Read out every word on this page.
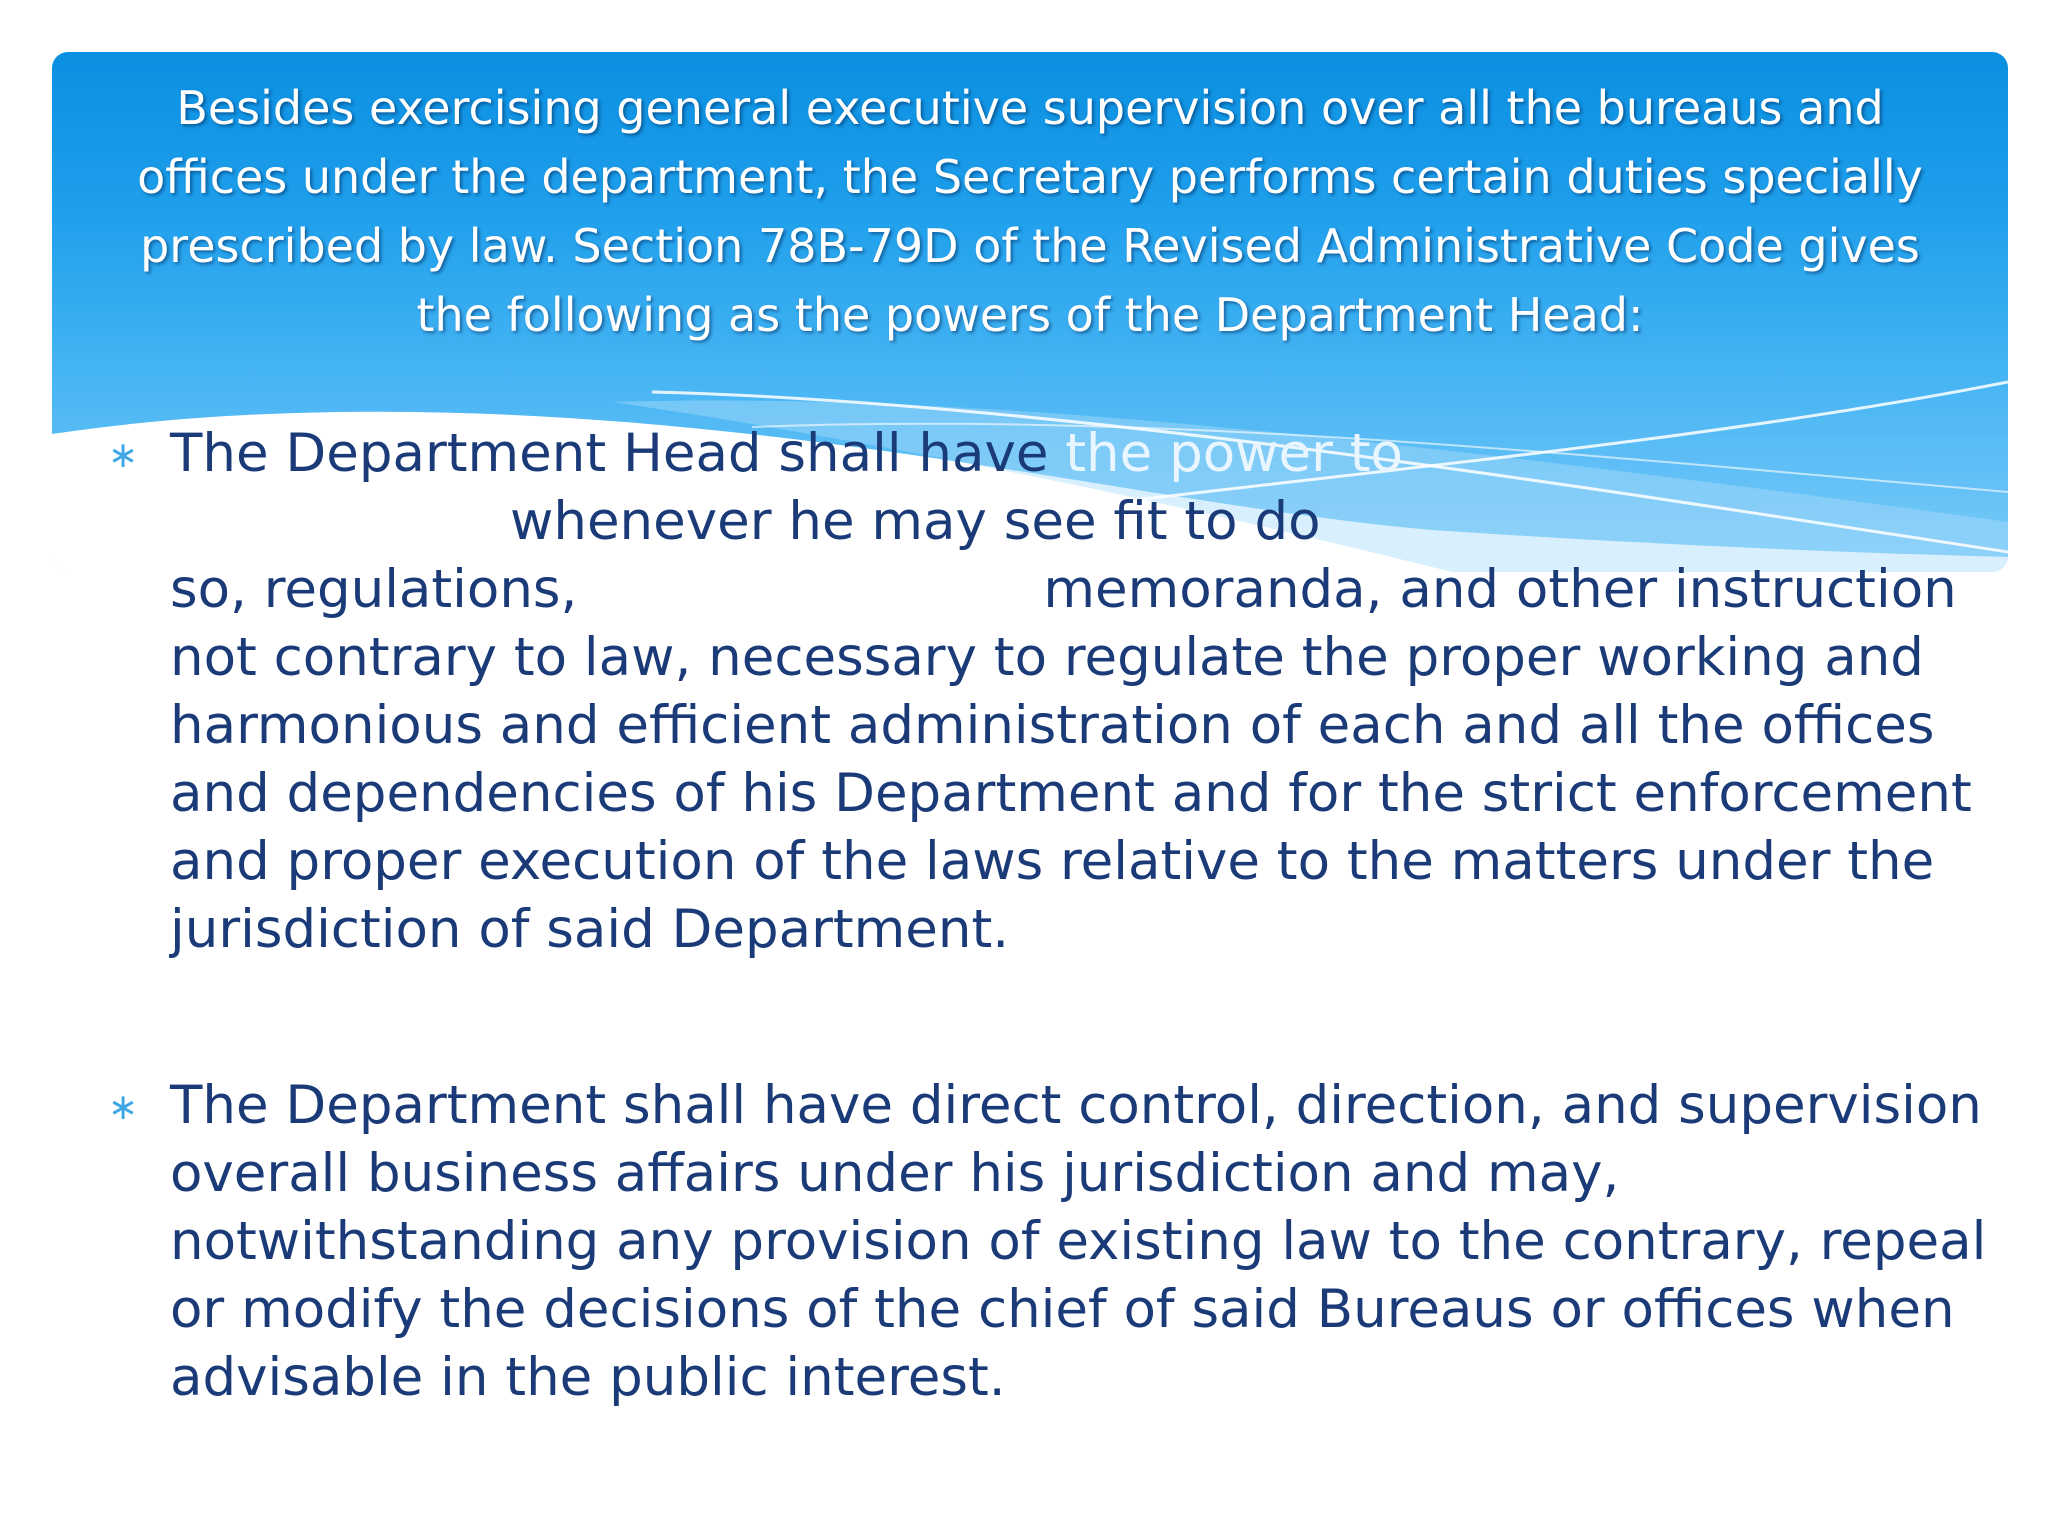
Besides exercising general executive supervision over all the bureaus and offices under the department, the Secretary performs certain duties specially prescribed by law. Section 78B-79D of the Revised Administrative Code gives the following as the powers of the Department Head:

∗ The Department Head shall have the power to
whenever he may see fit to do
so, regulations,	memoranda, and other instruction not contrary to law, necessary to regulate the proper working and harmonious and efficient administration of each and all the offices and dependencies of his Department and for the strict enforcement and proper execution of the laws relative to the matters under the jurisdiction of said Department.
∗ The Department shall have direct control, direction, and supervision overall business affairs under his jurisdiction and may, notwithstanding any provision of existing law to the contrary, repeal or modify the decisions of the chief of said Bureaus or offices when advisable in the public interest.
